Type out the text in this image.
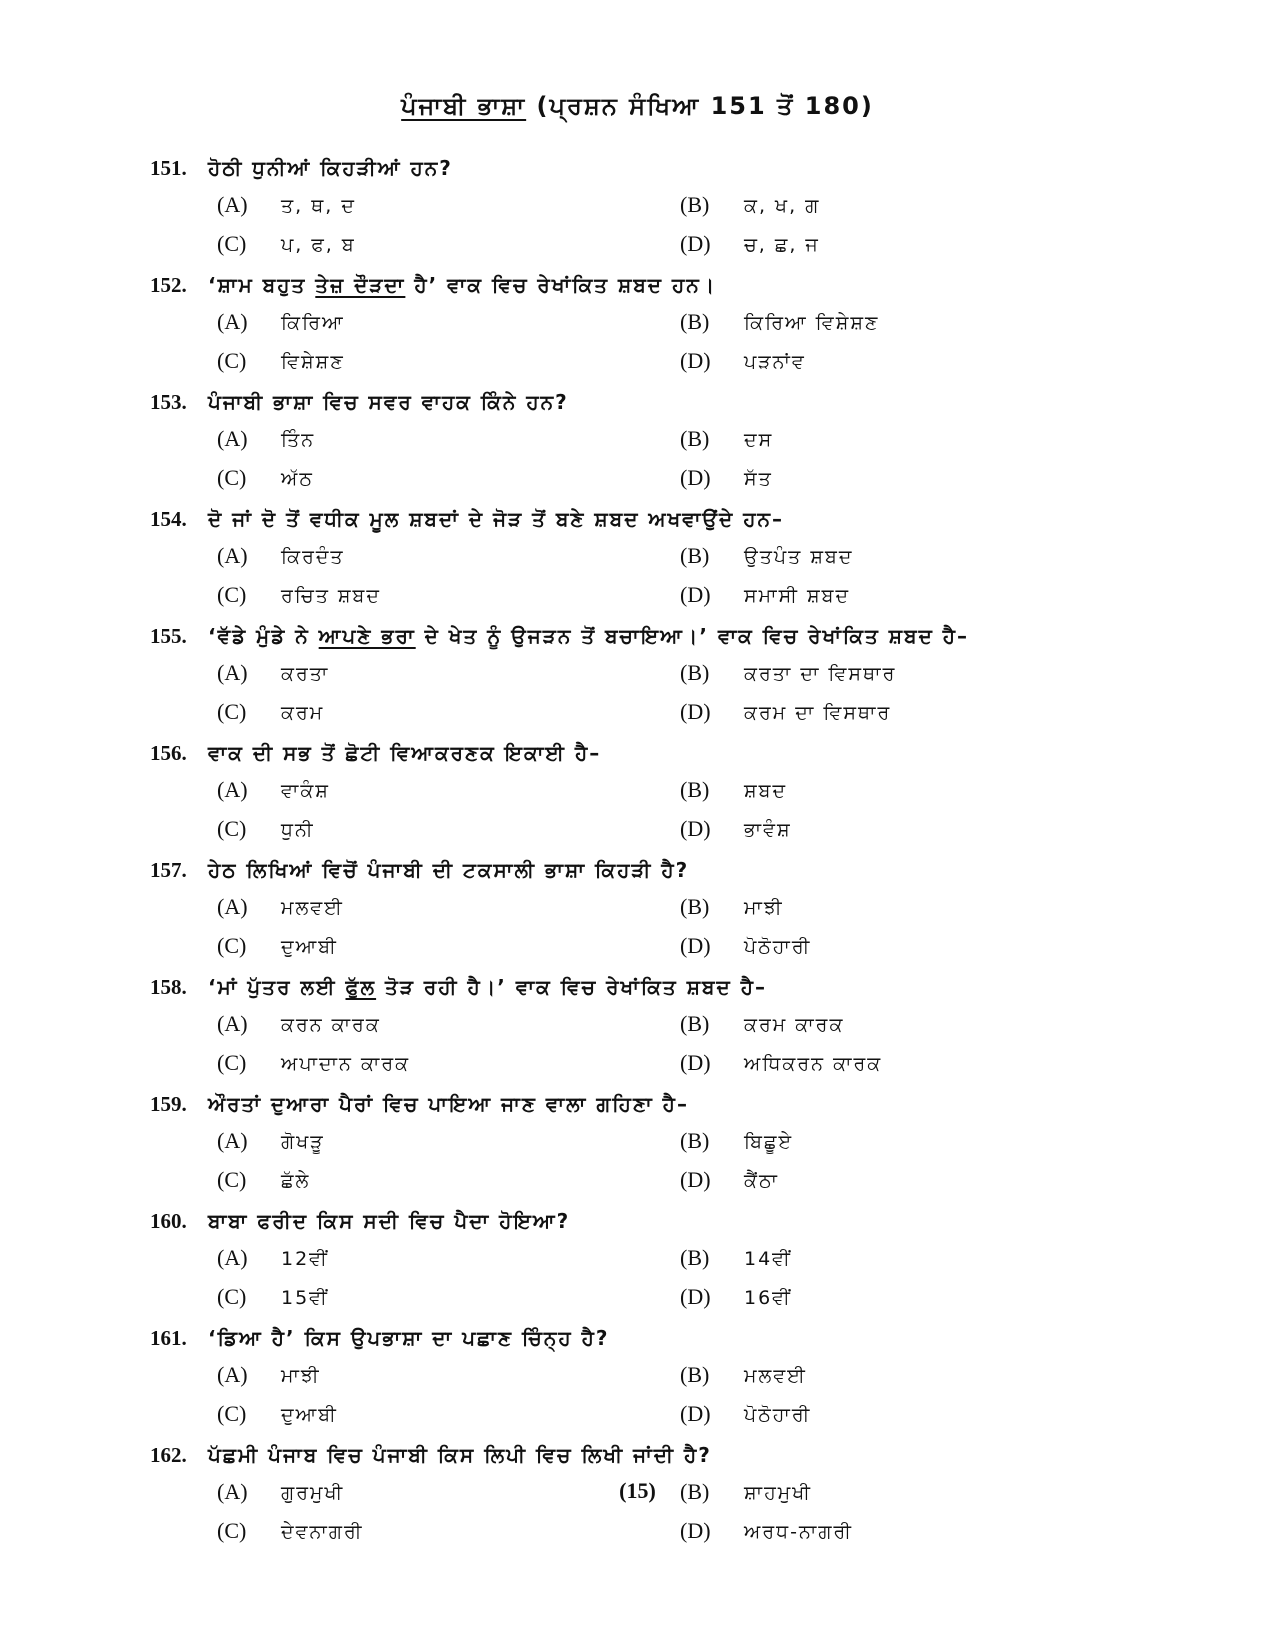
ਪੰਜਾਬੀ ਭਾਸ਼ਾ (ਪ੍ਰਸ਼ਨ ਸੰਖਿਆ 151 ਤੋਂ 180)
151. ਹੋਠੀ ਧੁਨੀਆਂ ਕਿਹੜੀਆਂ ਹਨ?
(A) ਤ, ਥ, ਦ	(B) ਕ, ਖ, ਗ
(C) ਪ, ਫ, ਬ	(D) ਚ, ਛ, ਜ
152. ‘ਸ਼ਾਮ ਬਹੁਤ ਤੇਜ਼ ਦੌੜਦਾ ਹੈ’ ਵਾਕ ਵਿਚ ਰੇਖਾਂਕਿਤ ਸ਼ਬਦ ਹਨ।
(A) ਕਿਰਿਆ	(B) ਕਿਰਿਆ ਵਿਸ਼ੇਸ਼ਣ
(C) ਵਿਸ਼ੇਸ਼ਣ	(D) ਪੜਨਾਂਵ
153. ਪੰਜਾਬੀ ਭਾਸ਼ਾ ਵਿਚ ਸਵਰ ਵਾਹਕ ਕਿੰਨੇ ਹਨ?
(A) ਤਿੰਨ	(B) ਦਸ
(C) ਅੱਠ	(D) ਸੱਤ
154. ਦੋ ਜਾਂ ਦੋ ਤੋਂ ਵਧੀਕ ਮੂਲ ਸ਼ਬਦਾਂ ਦੇ ਜੋੜ ਤੋਂ ਬਣੇ ਸ਼ਬਦ ਅਖਵਾਉਂਦੇ ਹਨ–
(A) ਕਿਰਦੰਤ	(B) ਉਤਪੰਤ ਸ਼ਬਦ
(C) ਰਚਿਤ ਸ਼ਬਦ	(D) ਸਮਾਸੀ ਸ਼ਬਦ
155. ‘ਵੱਡੇ ਮੁੰਡੇ ਨੇ ਆਪਣੇ ਭਰਾ ਦੇ ਖੇਤ ਨੂੰ ਉਜੜਨ ਤੋਂ ਬਚਾਇਆ।’ ਵਾਕ ਵਿਚ ਰੇਖਾਂਕਿਤ ਸ਼ਬਦ ਹੈ–
(A) ਕਰਤਾ	(B) ਕਰਤਾ ਦਾ ਵਿਸਥਾਰ
(C) ਕਰਮ	(D) ਕਰਮ ਦਾ ਵਿਸਥਾਰ
156. ਵਾਕ ਦੀ ਸਭ ਤੋਂ ਛੋਟੀ ਵਿਆਕਰਣਕ ਇਕਾਈ ਹੈ–
(A) ਵਾਕੰਸ਼	(B) ਸ਼ਬਦ
(C) ਧੁਨੀ	(D) ਭਾਵੰਸ਼
157. ਹੇਠ ਲਿਖਿਆਂ ਵਿਚੋਂ ਪੰਜਾਬੀ ਦੀ ਟਕਸਾਲੀ ਭਾਸ਼ਾ ਕਿਹੜੀ ਹੈ?
(A) ਮਲਵਈ	(B) ਮਾਝੀ
(C) ਦੁਆਬੀ	(D) ਪੋਠੋਹਾਰੀ
158. ‘ਮਾਂ ਪੁੱਤਰ ਲਈ ਫੁੱਲ ਤੋੜ ਰਹੀ ਹੈ।’ ਵਾਕ ਵਿਚ ਰੇਖਾਂਕਿਤ ਸ਼ਬਦ ਹੈ–
(A) ਕਰਨ ਕਾਰਕ	(B) ਕਰਮ ਕਾਰਕ
(C) ਅਪਾਦਾਨ ਕਾਰਕ	(D) ਅਧਿਕਰਨ ਕਾਰਕ
159. ਔਰਤਾਂ ਦੁਆਰਾ ਪੈਰਾਂ ਵਿਚ ਪਾਇਆ ਜਾਣ ਵਾਲਾ ਗਹਿਣਾ ਹੈ–
(A) ਗੋਖੜੂ	(B) ਬਿਛੂਏ
(C) ਛੱਲੇ	(D) ਕੈਂਠਾ
160. ਬਾਬਾ ਫਰੀਦ ਕਿਸ ਸਦੀ ਵਿਚ ਪੈਦਾ ਹੋਇਆ?
(A) 12ਵੀਂ	(B) 14ਵੀਂ
(C) 15ਵੀਂ	(D) 16ਵੀਂ
161. ‘ਡਿਆ ਹੈ’ ਕਿਸ ਉਪਭਾਸ਼ਾ ਦਾ ਪਛਾਣ ਚਿੰਨ੍ਹ ਹੈ?
(A) ਮਾਝੀ	(B) ਮਲਵਈ
(C) ਦੁਆਬੀ	(D) ਪੋਠੋਹਾਰੀ
162. ਪੱਛਮੀ ਪੰਜਾਬ ਵਿਚ ਪੰਜਾਬੀ ਕਿਸ ਲਿਪੀ ਵਿਚ ਲਿਖੀ ਜਾਂਦੀ ਹੈ?
(A) ਗੁਰਮੁਖੀ	(B) ਸ਼ਾਹਮੁਖੀ
(C) ਦੇਵਨਾਗਰੀ	(D) ਅਰਧ-ਨਾਗਰੀ
(15)
